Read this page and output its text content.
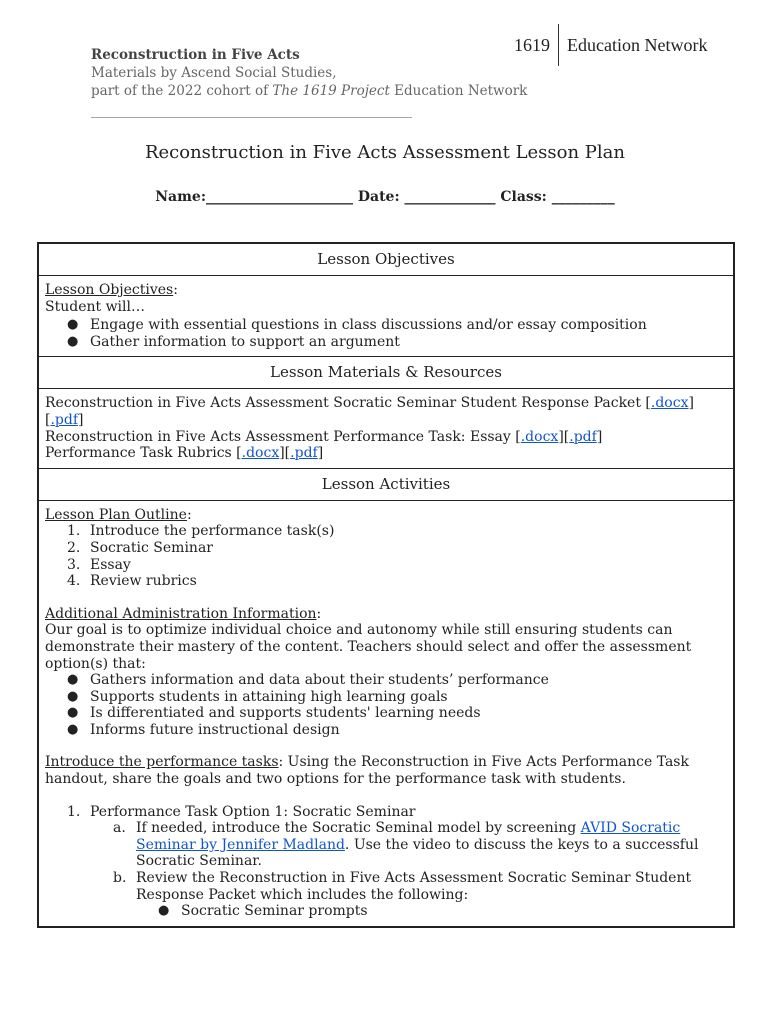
Reconstruction in Five Acts
Materials by Ascend Social Studies,
part of the 2022 cohort of The 1619 Project Education Network
________________________________________________________________
1619 Education Network
Reconstruction in Five Acts Assessment Lesson Plan
Name:_____________________ Date: _____________ Class: _________
Lesson Objectives
Lesson Objectives:
Student will…
● Engage with essential questions in class discussions and/or essay composition
● Gather information to support an argument
Lesson Materials & Resources
Reconstruction in Five Acts Assessment Socratic Seminar Student Response Packet [.docx][.pdf]
Reconstruction in Five Acts Assessment Performance Task: Essay [.docx][.pdf]
Performance Task Rubrics [.docx][.pdf]
Lesson Activities
Lesson Plan Outline:
1. Introduce the performance task(s)
2. Socratic Seminar
3. Essay
4. Review rubrics
Additional Administration Information:
Our goal is to optimize individual choice and autonomy while still ensuring students can demonstrate their mastery of the content. Teachers should select and offer the assessment option(s) that:
● Gathers information and data about their students’ performance
● Supports students in attaining high learning goals
● Is differentiated and supports students' learning needs
● Informs future instructional design
Introduce the performance tasks: Using the Reconstruction in Five Acts Performance Task handout, share the goals and two options for the performance task with students.
1. Performance Task Option 1: Socratic Seminar
a. If needed, introduce the Socratic Seminal model by screening AVID Socratic Seminar by Jennifer Madland. Use the video to discuss the keys to a successful Socratic Seminar.
b. Review the Reconstruction in Five Acts Assessment Socratic Seminar Student Response Packet which includes the following:
● Socratic Seminar prompts
